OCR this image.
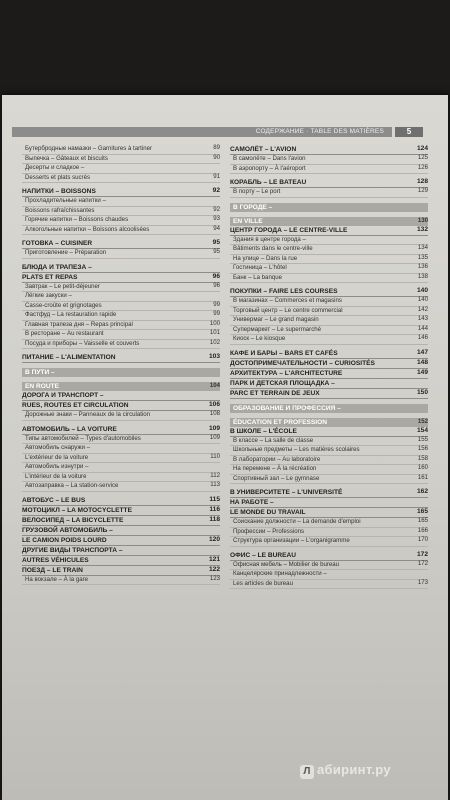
СОДЕРЖАНИЕ · TABLE DES MATIÈRES	5
Бутербродные намазки – Garnitures à tartiner	89
Выпечка – Gâteaux et biscuits	90
Десерты и сладкое –
Desserts et plats sucrés	91
НАПИТКИ – BOISSONS	92
Прохладительные напитки –
Boissons rafraîchissantes	92
Горячие напитки – Boissons chaudes	93
Алкогольные напитки – Boissons alcoolisées	94
ГОТОВКА – CUISINER	95
Приготовление – Préparation	95
БЛЮДА И ТРАПЕЗА –
PLATS ET REPAS	96
Завтрак – Le petit-déjeuner	96
Лёгкие закуски –
Casse-croûte et grignotages	99
Фастфуд – La restauration rapide	99
Главная трапеза дня – Repas principal	100
В ресторане – Au restaurant	101
Посуда и приборы – Vaisselle et couverts	102
ПИТАНИЕ – L'ALIMENTATION	103
В ПУТИ –
EN ROUTE	104
ДОРОГА И ТРАНСПОРТ –
RUES, ROUTES ET CIRCULATION	106
Дорожные знаки – Panneaux de la circulation	108
АВТОМОБИЛЬ – LA VOITURE	109
Типы автомобилей – Types d'automobiles	109
Автомобиль снаружи –
L'extérieur de la voiture	110
Автомобиль изнутри –
L'intérieur de la voiture	112
Автозаправка – La station-service	113
АВТОБУС – LE BUS	115
МОТОЦИКЛ – LA MOTOCYCLETTE	116
ВЕЛОСИПЕД – LA BICYCLETTE	118
ГРУЗОВОЙ АВТОМОБИЛЬ –
LE CAMION POIDS LOURD	120
ДРУГИЕ ВИДЫ ТРАНСПОРТА –
AUTRES VÉHICULES	121
ПОЕЗД – LE TRAIN	122
На вокзале – À la gare	123
САМОЛЁТ – L'AVION	124
В самолёте – Dans l'avion	125
В аэропорту – À l'aéroport	126
КОРАБЛЬ – LE BATEAU	128
В порту – Le port	129
В ГОРОДЕ –
EN VILLE	130
ЦЕНТР ГОРОДА – LE CENTRE-VILLE	132
Здания в центре города –
Bâtiments dans le centre-ville	134
На улице – Dans la rue	135
Гостиница – L'hôtel	136
Банк – La banque	138
ПОКУПКИ – FAIRE LES COURSES	140
В магазинах – Commerces et magasins	140
Торговый центр – Le centre commercial	142
Универмаг – Le grand magasin	143
Супермаркет – Le supermarché	144
Киоск – Le kiosque	146
КАФЕ И БАРЫ – BARS ET CAFÉS	147
ДОСТОПРИМЕЧАТЕЛЬНОСТИ – CURIOSITÉS	148
АРХИТЕКТУРА – L'ARCHITECTURE	149
ПАРК И ДЕТСКАЯ ПЛОЩАДКА –
PARC ET TERRAIN DE JEUX	150
ОБРАЗОВАНИЕ И ПРОФЕССИЯ –
ÉDUCATION ET PROFESSION	152
В ШКОЛЕ – L'ÉCOLE	154
В классе – La salle de classe	155
Школьные предметы – Les matières scolaires	156
В лаборатории – Au laboratoire	158
На перемене – À la récréation	160
Спортивный зал – Le gymnase	161
В УНИВЕРСИТЕТЕ – L'UNIVERSITÉ	162
НА РАБОТЕ –
LE MONDE DU TRAVAIL	165
Соискание должности – La demande d'emploi	165
Профессии – Professions	166
Структура организации – L'organigramme	170
ОФИС – LE BUREAU	172
Офисная мебель – Mobilier de bureau	172
Канцелярские принадлежности –
Les articles de bureau	173
Л абиринт.ру
